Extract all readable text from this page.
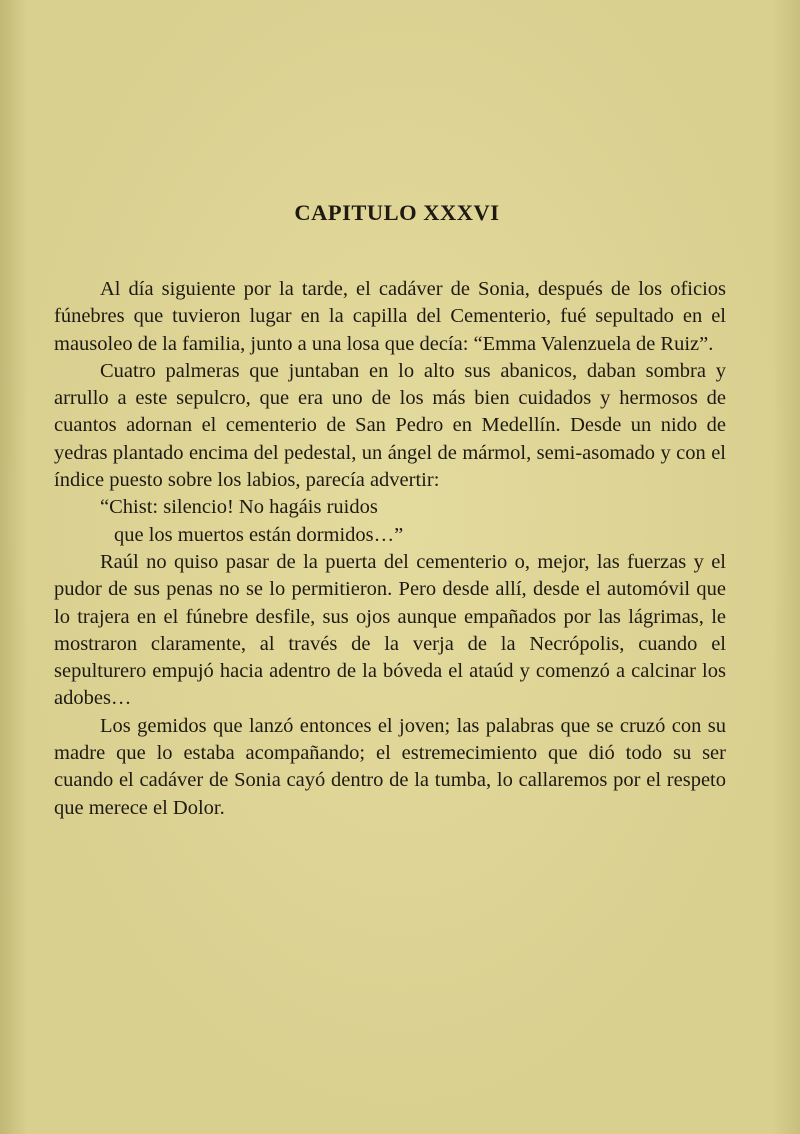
CAPITULO XXXVI

Al día siguiente por la tarde, el cadáver de Sonia, después de los oficios fúnebres que tuvieron lugar en la capilla del Cementerio, fué sepultado en el mausoleo de la familia, junto a una losa que decía: “Emma Valenzuela de Ruiz”.

Cuatro palmeras que juntaban en lo alto sus abanicos, daban sombra y arrullo a este sepulcro, que era uno de los más bien cuidados y hermosos de cuantos adornan el cementerio de San Pedro en Medellín. Desde un nido de yedras plantado encima del pedestal, un ángel de mármol, semi-asomado y con el índice puesto sobre los labios, parecía advertir:

“Chist: silencio! No hagáis ruidos
que los muertos están dormidos…”

Raúl no quiso pasar de la puerta del cementerio o, mejor, las fuerzas y el pudor de sus penas no se lo permitieron. Pero desde allí, desde el automóvil que lo trajera en el fúnebre desfile, sus ojos aunque empañados por las lágrimas, le mostraron claramente, al través de la verja de la Necrópolis, cuando el sepulturero empujó hacia adentro de la bóveda el ataúd y comenzó a calcinar los adobes…

Los gemidos que lanzó entonces el joven; las palabras que se cruzó con su madre que lo estaba acompañando; el estremecimiento que dió todo su ser cuando el cadáver de Sonia cayó dentro de la tumba, lo callaremos por el respeto que merece el Dolor.
